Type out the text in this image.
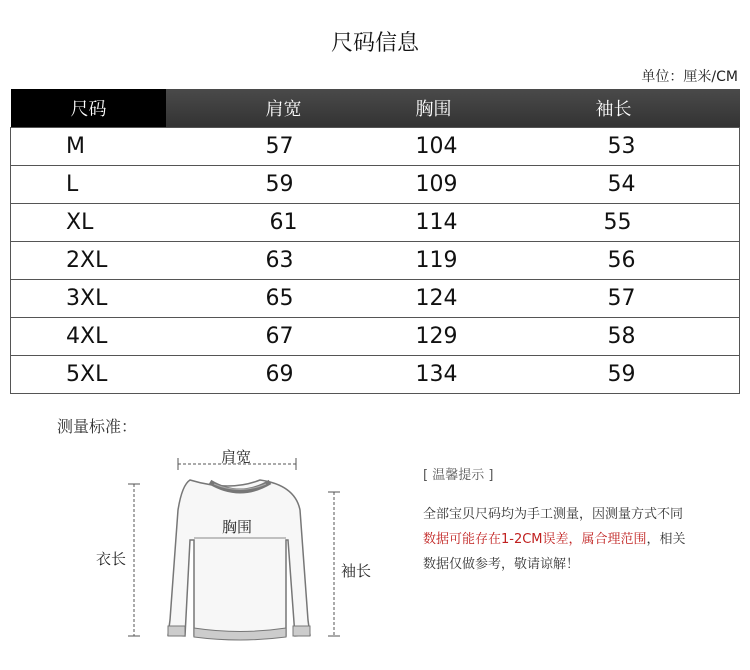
尺码信息
单位：厘米/CM
尺码	肩宽	胸围	袖长
M	57	104	53
L	59	109	54
XL	61	114	55
2XL	63	119	56
3XL	65	124	57
4XL	67	129	58
5XL	69	134	59
测量标准：
肩宽
胸围
衣长
袖长
[ 温馨提示 ]
全部宝贝尺码均为手工测量，因测量方式不同
数据可能存在1-2CM误差，属合理范围，相关
数据仅做参考，敬请谅解！
